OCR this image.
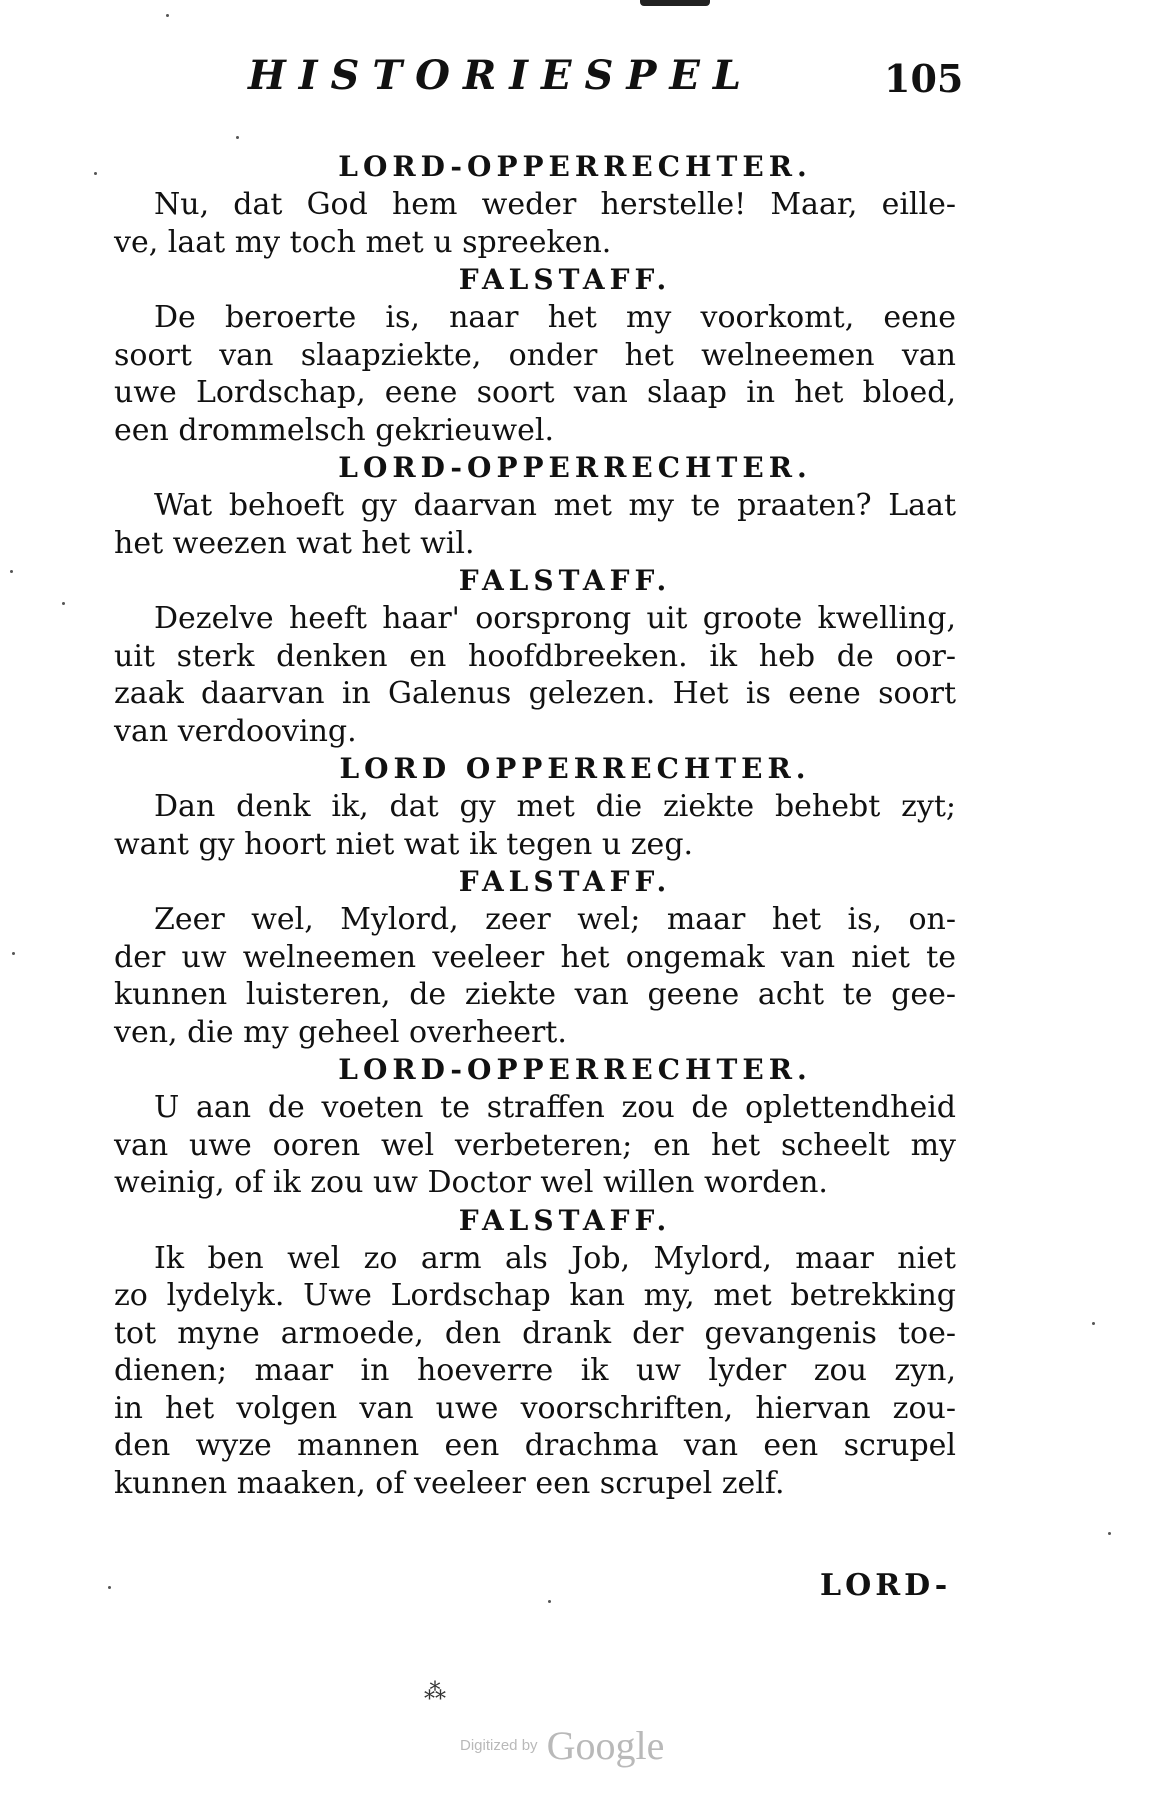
HISTORIESPEL	105
LORD-OPPERRECHTER.
Nu, dat God hem weder herstelle! Maar, eille-
ve, laat my toch met u spreeken.
FALSTAFF.
De beroerte is, naar het my voorkomt, eene
soort van slaapziekte, onder het welneemen van
uwe Lordschap, eene soort van slaap in het bloed,
een drommelsch gekrieuwel.
LORD-OPPERRECHTER.
Wat behoeft gy daarvan met my te praaten? Laat
het weezen wat het wil.
FALSTAFF.
Dezelve heeft haar' oorsprong uit groote kwelling,
uit sterk denken en hoofdbreeken. ik heb de oor-
zaak daarvan in Galenus gelezen. Het is eene soort
van verdooving.
LORD OPPERRECHTER.
Dan denk ik, dat gy met die ziekte behebt zyt;
want gy hoort niet wat ik tegen u zeg.
FALSTAFF.
Zeer wel, Mylord, zeer wel; maar het is, on-
der uw welneemen veeleer het ongemak van niet te
kunnen luisteren, de ziekte van geene acht te gee-
ven, die my geheel overheert.
LORD-OPPERRECHTER.
U aan de voeten te straffen zou de oplettendheid
van uwe ooren wel verbeteren; en het scheelt my
weinig, of ik zou uw Doctor wel willen worden.
FALSTAFF.
Ik ben wel zo arm als Job, Mylord, maar niet
zo lydelyk. Uwe Lordschap kan my, met betrekking
tot myne armoede, den drank der gevangenis toe-
dienen; maar in hoeverre ik uw lyder zou zyn,
in het volgen van uwe voorschriften, hiervan zou-
den wyze mannen een drachma van een scrupel
kunnen maaken, of veeleer een scrupel zelf.
LORD-
⁂
Digitized by Google
